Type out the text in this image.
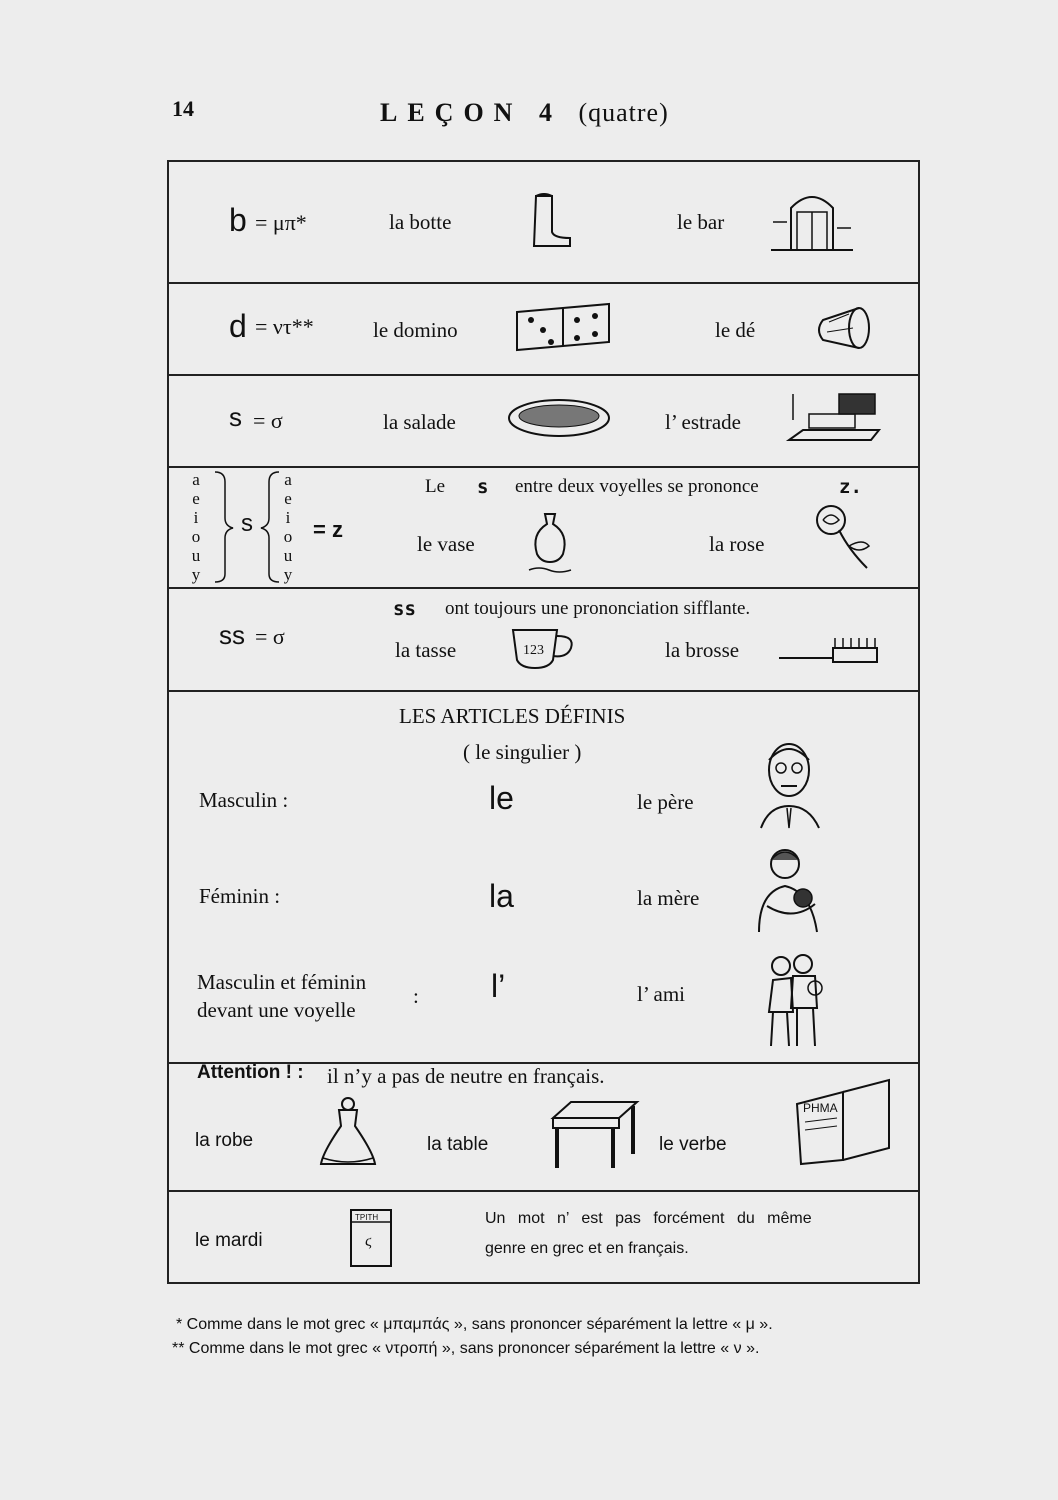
14	LEÇON 4 (quatre)
b = μπ*	la botte	le bar
d = ντ**	le domino	le dé
s = σ	la salade	l’ estrade
a
e
i
o
u
y
s
a
e
i
o
u
y
= z
Le s entre deux voyelles se prononce	z.
le vase	la rose
ss = σ
ss ont toujours une prononciation sifflante.
la tasse	123	la brosse
LES ARTICLES DÉFINIS
( le singulier )
Masculin :	le	le père
Féminin :	la	la mère
Masculin et féminin
devant une voyelle
: l’	l’ ami
Attention ! : il n’y a pas de neutre en français.
la robe	la table	le verbe
ΡΗΜΑ
le mardi
ΤΡΙΤΗ
ϛ
Un mot n’ est pas forcément du même
genre en grec et en français.
* Comme dans le mot grec « μπαμπάς », sans prononcer séparément la lettre « μ ».
** Comme dans le mot grec « ντροπή », sans prononcer séparément la lettre « ν ».
